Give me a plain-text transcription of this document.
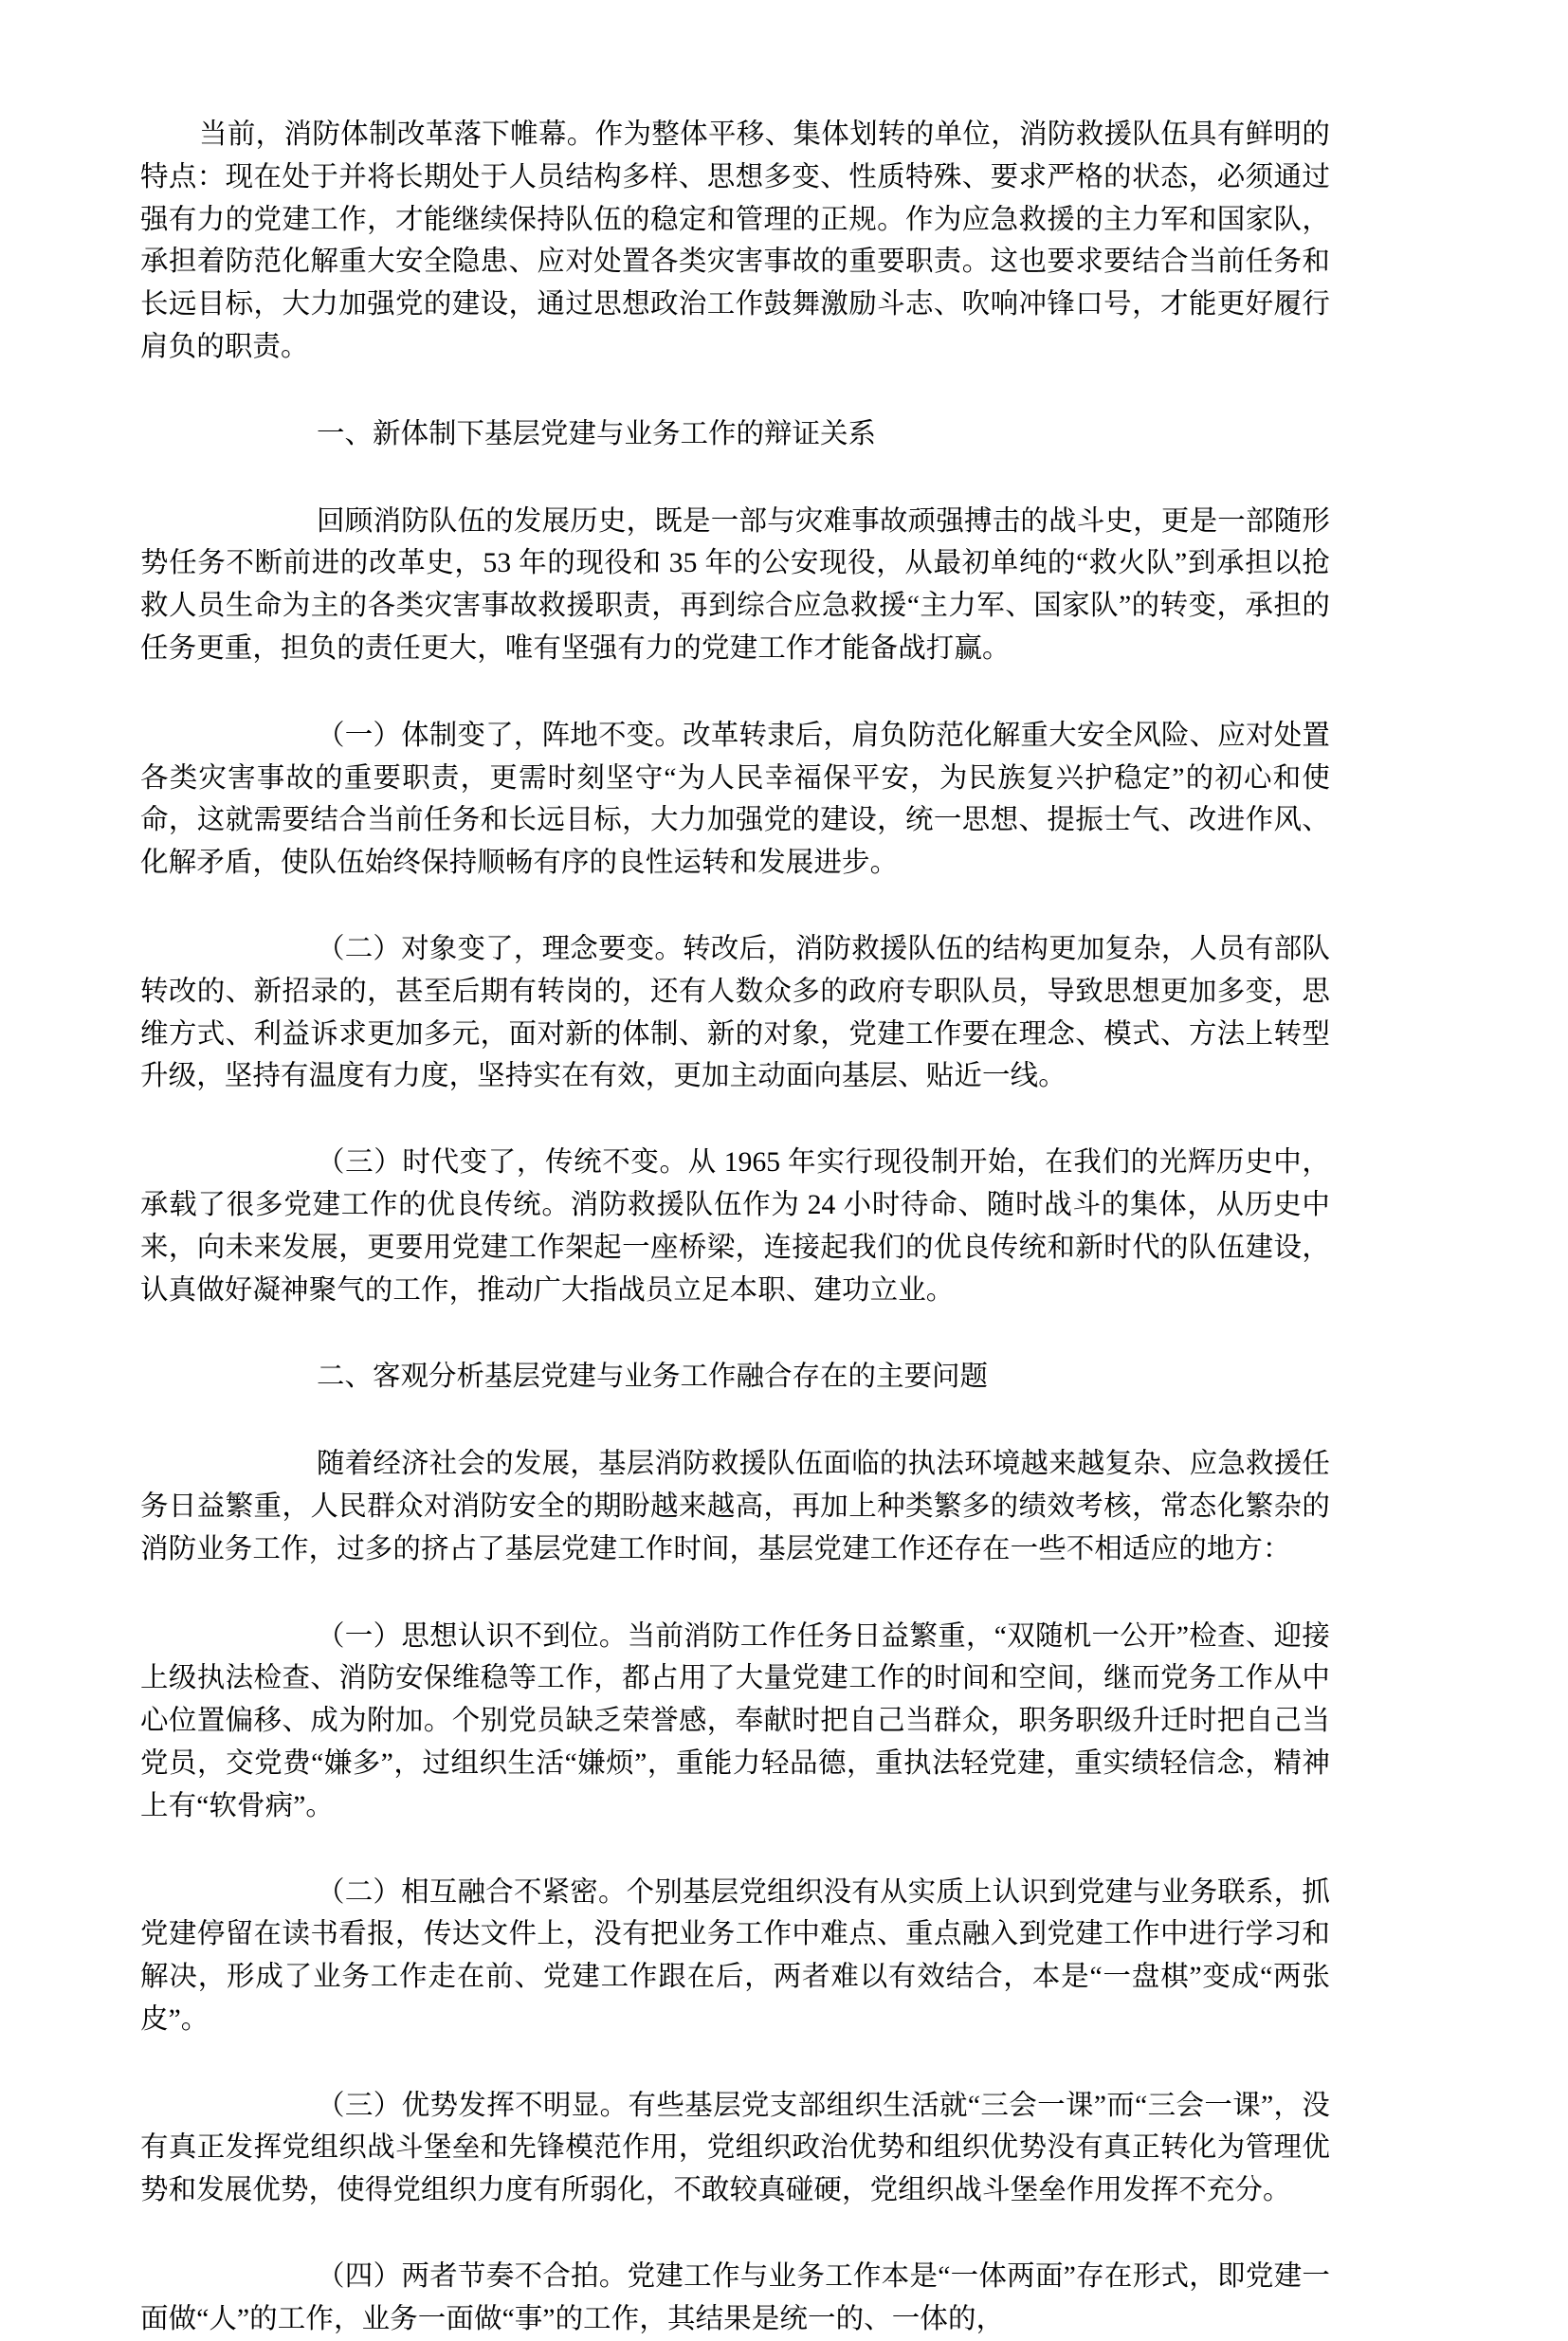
当前，消防体制改革落下帷幕。作为整体平移、集体划转的单位，消防救援队伍具有鲜明的特点：现在处于并将长期处于人员结构多样、思想多变、性质特殊、要求严格的状态，必须通过强有力的党建工作，才能继续保持队伍的稳定和管理的正规。作为应急救援的主力军和国家队，承担着防范化解重大安全隐患、应对处置各类灾害事故的重要职责。这也要求要结合当前任务和长远目标，大力加强党的建设，通过思想政治工作鼓舞激励斗志、吹响冲锋口号，才能更好履行肩负的职责。

一、新体制下基层党建与业务工作的辩证关系

回顾消防队伍的发展历史，既是一部与灾难事故顽强搏击的战斗史，更是一部随形势任务不断前进的改革史，53 年的现役和 35 年的公安现役，从最初单纯的“救火队”到承担以抢救人员生命为主的各类灾害事故救援职责，再到综合应急救援“主力军、国家队”的转变，承担的任务更重，担负的责任更大，唯有坚强有力的党建工作才能备战打赢。

（一）体制变了，阵地不变。改革转隶后，肩负防范化解重大安全风险、应对处置各类灾害事故的重要职责，更需时刻坚守“为人民幸福保平安，为民族复兴护稳定”的初心和使命，这就需要结合当前任务和长远目标，大力加强党的建设，统一思想、提振士气、改进作风、化解矛盾，使队伍始终保持顺畅有序的良性运转和发展进步。

（二）对象变了，理念要变。转改后，消防救援队伍的结构更加复杂，人员有部队转改的、新招录的，甚至后期有转岗的，还有人数众多的政府专职队员，导致思想更加多变，思维方式、利益诉求更加多元，面对新的体制、新的对象，党建工作要在理念、模式、方法上转型升级，坚持有温度有力度，坚持实在有效，更加主动面向基层、贴近一线。

（三）时代变了，传统不变。从 1965 年实行现役制开始，在我们的光辉历史中，承载了很多党建工作的优良传统。消防救援队伍作为 24 小时待命、随时战斗的集体，从历史中来，向未来发展，更要用党建工作架起一座桥梁，连接起我们的优良传统和新时代的队伍建设，认真做好凝神聚气的工作，推动广大指战员立足本职、建功立业。

二、客观分析基层党建与业务工作融合存在的主要问题

随着经济社会的发展，基层消防救援队伍面临的执法环境越来越复杂、应急救援任务日益繁重，人民群众对消防安全的期盼越来越高，再加上种类繁多的绩效考核，常态化繁杂的消防业务工作，过多的挤占了基层党建工作时间，基层党建工作还存在一些不相适应的地方：

（一）思想认识不到位。当前消防工作任务日益繁重，“双随机一公开”检查、迎接上级执法检查、消防安保维稳等工作，都占用了大量党建工作的时间和空间，继而党务工作从中心位置偏移、成为附加。个别党员缺乏荣誉感，奉献时把自己当群众，职务职级升迁时把自己当党员，交党费“嫌多”，过组织生活“嫌烦”，重能力轻品德，重执法轻党建，重实绩轻信念，精神上有“软骨病”。

（二）相互融合不紧密。个别基层党组织没有从实质上认识到党建与业务联系，抓党建停留在读书看报，传达文件上，没有把业务工作中难点、重点融入到党建工作中进行学习和解决，形成了业务工作走在前、党建工作跟在后，两者难以有效结合，本是“一盘棋”变成“两张皮”。

（三）优势发挥不明显。有些基层党支部组织生活就“三会一课”而“三会一课”，没有真正发挥党组织战斗堡垒和先锋模范作用，党组织政治优势和组织优势没有真正转化为管理优势和发展优势，使得党组织力度有所弱化，不敢较真碰硬，党组织战斗堡垒作用发挥不充分。

（四）两者节奏不合拍。党建工作与业务工作本是“一体两面”存在形式，即党建一面做“人”的工作，业务一面做“事”的工作，其结果是统一的、一体的，
